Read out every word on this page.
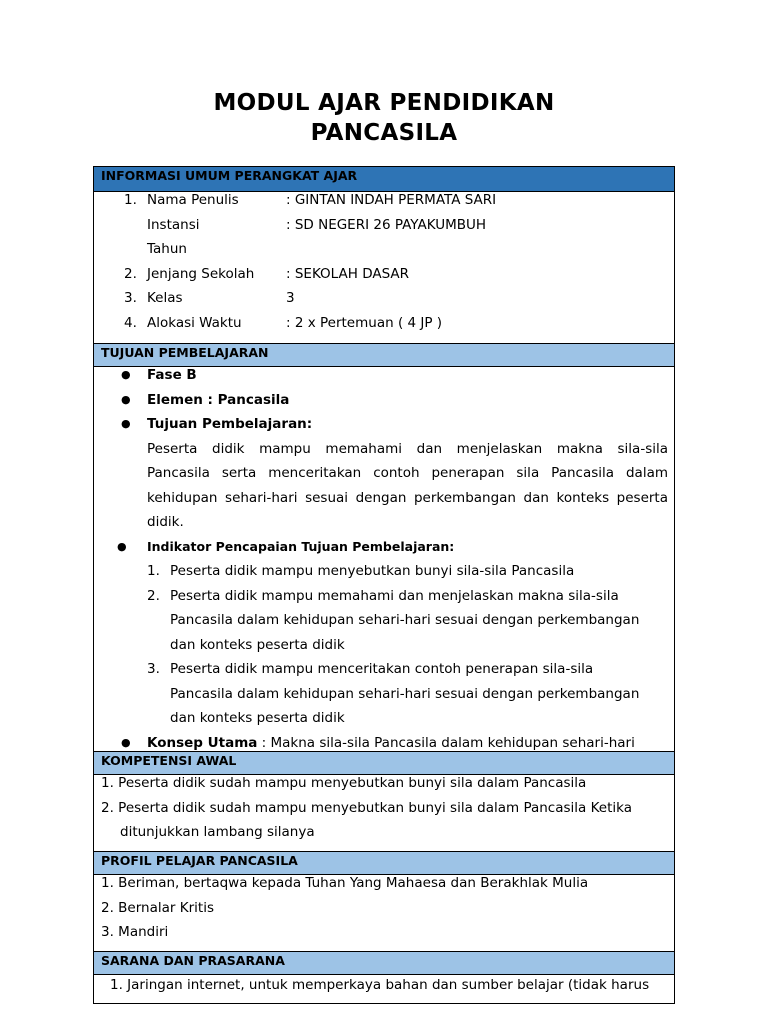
MODUL AJAR PENDIDIKAN
PANCASILA
INFORMASI UMUM PERANGKAT AJAR
1. Nama Penulis	: GINTAN INDAH PERMATA SARI
Instansi	: SD NEGERI 26 PAYAKUMBUH
Tahun
2. Jenjang Sekolah : SEKOLAH DASAR
3. Kelas	3
4. Alokasi Waktu	: 2 x Pertemuan ( 4 JP )
TUJUAN PEMBELAJARAN
● Fase B
● Elemen : Pancasila
● Tujuan Pembelajaran:
Peserta didik mampu memahami dan menjelaskan makna sila-sila
Pancasila serta menceritakan contoh penerapan sila Pancasila dalam
kehidupan sehari-hari sesuai dengan perkembangan dan konteks peserta
didik.
● Indikator Pencapaian Tujuan Pembelajaran:
1. Peserta didik mampu menyebutkan bunyi sila-sila Pancasila
2. Peserta didik mampu memahami dan menjelaskan makna sila-sila
Pancasila dalam kehidupan sehari-hari sesuai dengan perkembangan
dan konteks peserta didik
3. Peserta didik mampu menceritakan contoh penerapan sila-sila
Pancasila dalam kehidupan sehari-hari sesuai dengan perkembangan
dan konteks peserta didik
● Konsep Utama : Makna sila-sila Pancasila dalam kehidupan sehari-hari
KOMPETENSI AWAL
1. Peserta didik sudah mampu menyebutkan bunyi sila dalam Pancasila
2. Peserta didik sudah mampu menyebutkan bunyi sila dalam Pancasila Ketika
ditunjukkan lambang silanya
PROFIL PELAJAR PANCASILA
1. Beriman, bertaqwa kepada Tuhan Yang Mahaesa dan Berakhlak Mulia
2. Bernalar Kritis
3. Mandiri
SARANA DAN PRASARANA
1. Jaringan internet, untuk memperkaya bahan dan sumber belajar (tidak harus
